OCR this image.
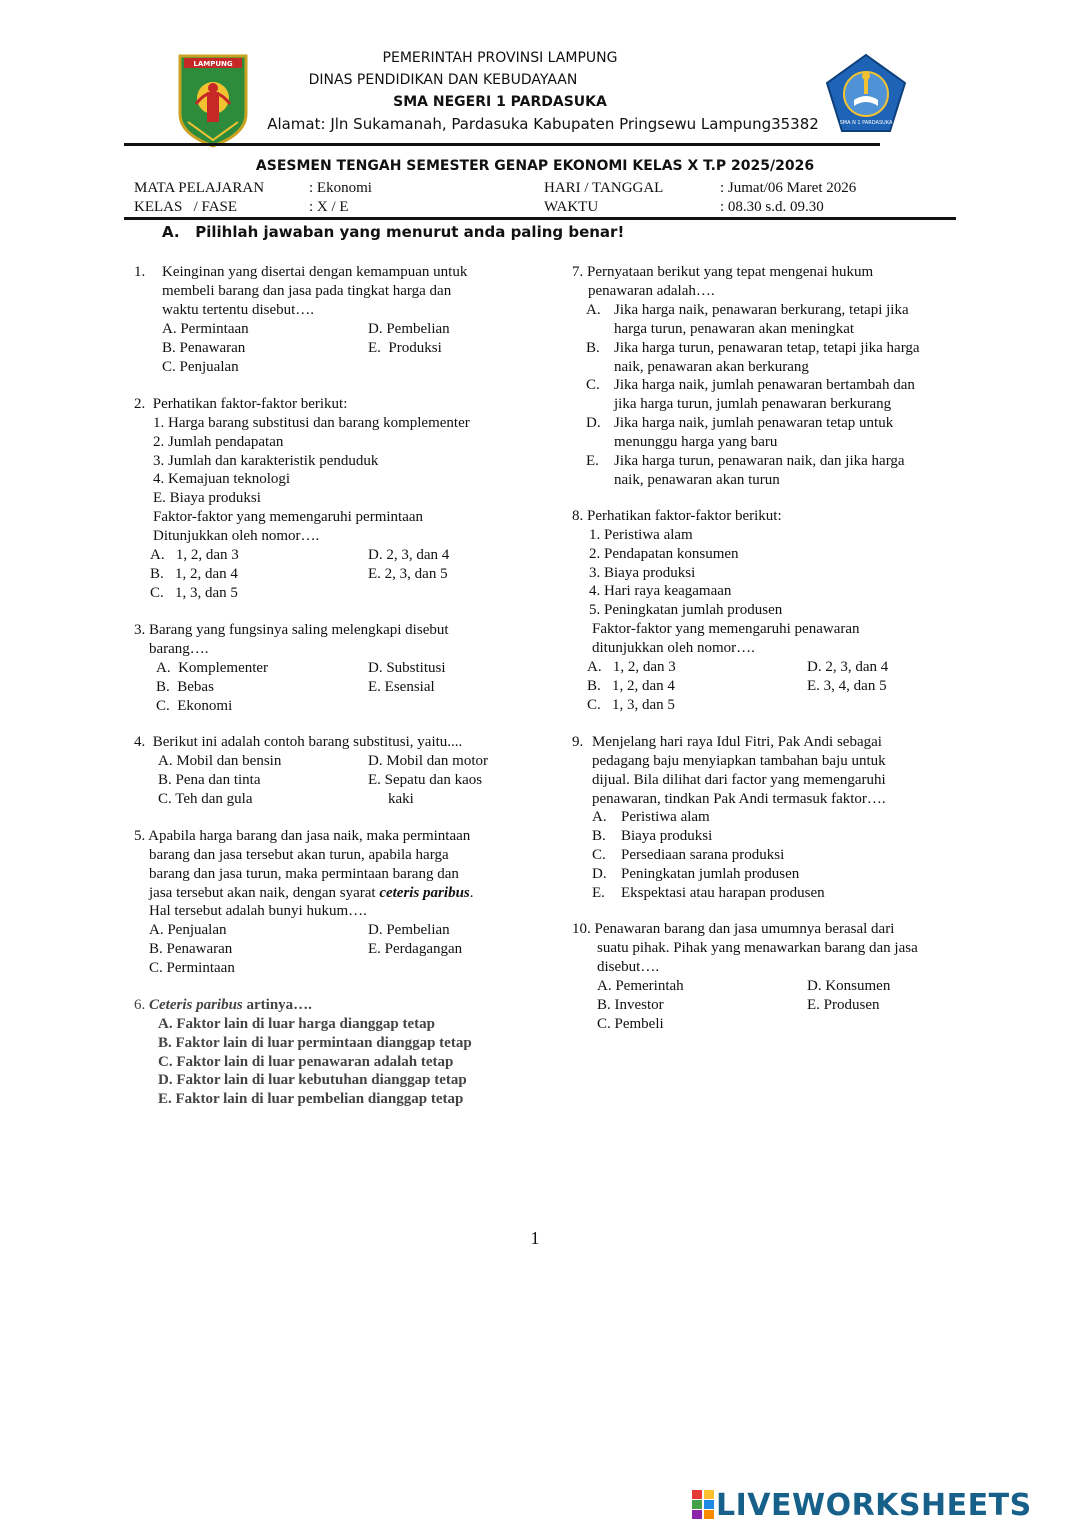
PEMERINTAH PROVINSI LAMPUNG
DINAS PENDIDIKAN DAN KEBUDAYAAN
SMA NEGERI 1 PARDASUKA
Alamat: Jln Sukamanah, Pardasuka Kabupaten Pringsewu Lampung35382
LAMPUNG
SMA N 1 PARDASUKA
ASESMEN TENGAH SEMESTER GENAP EKONOMI KELAS X T.P 2025/2026
MATA PELAJARAN	: Ekonomi	HARI / TANGGAL	: Jumat/06 Maret 2026
KELAS   / FASE	: X / E	WAKTU	: 08.30 s.d. 09.30
A.   Pilihlah jawaban yang menurut anda paling benar!
1. Keinginan yang disertai dengan kemampuan untuk
membeli barang dan jasa pada tingkat harga dan
waktu tertentu disebut….
A. Permintaan	D. Pembelian
B. Penawaran	E.  Produksi
C. Penjualan
2.  Perhatikan faktor-faktor berikut:
1. Harga barang substitusi dan barang komplementer
2. Jumlah pendapatan
3. Jumlah dan karakteristik penduduk
4. Kemajuan teknologi
E. Biaya produksi
Faktor-faktor yang memengaruhi permintaan
Ditunjukkan oleh nomor….
A.   1, 2, dan 3	D. 2, 3, dan 4
B.   1, 2, dan 4	E. 2, 3, dan 5
C.   1, 3, dan 5
3. Barang yang fungsinya saling melengkapi disebut
barang….
A.  Komplementer	D. Substitusi
B.  Bebas	E. Esensial
C.  Ekonomi
4.  Berikut ini adalah contoh barang substitusi, yaitu....
A. Mobil dan bensin	D. Mobil dan motor
B. Pena dan tinta	E. Sepatu dan kaos
C. Teh dan gula	kaki
5. Apabila harga barang dan jasa naik, maka permintaan
barang dan jasa tersebut akan turun, apabila harga
barang dan jasa turun, maka permintaan barang dan
jasa tersebut akan naik, dengan syarat ceteris paribus.
Hal tersebut adalah bunyi hukum….
A. Penjualan	D. Pembelian
B. Penawaran	E. Perdagangan
C. Permintaan
6. Ceteris paribus artinya….
A. Faktor lain di luar harga dianggap tetap
B. Faktor lain di luar permintaan dianggap tetap
C. Faktor lain di luar penawaran adalah tetap
D. Faktor lain di luar kebutuhan dianggap tetap
E. Faktor lain di luar pembelian dianggap tetap
7. Pernyataan berikut yang tepat mengenai hukum
penawaran adalah….
A. Jika harga naik, penawaran berkurang, tetapi jika
harga turun, penawaran akan meningkat
B. Jika harga turun, penawaran tetap, tetapi jika harga
naik, penawaran akan berkurang
C. Jika harga naik, jumlah penawaran bertambah dan
jika harga turun, jumlah penawaran berkurang
D. Jika harga naik, jumlah penawaran tetap untuk
menunggu harga yang baru
E. Jika harga turun, penawaran naik, dan jika harga
naik, penawaran akan turun
8. Perhatikan faktor-faktor berikut:
1. Peristiwa alam
2. Pendapatan konsumen
3. Biaya produksi
4. Hari raya keagamaan
5. Peningkatan jumlah produsen
Faktor-faktor yang memengaruhi penawaran
ditunjukkan oleh nomor….
A.   1, 2, dan 3	D. 2, 3, dan 4
B.   1, 2, dan 4	E. 3, 4, dan 5
C.   1, 3, dan 5
9. Menjelang hari raya Idul Fitri, Pak Andi sebagai
pedagang baju menyiapkan tambahan baju untuk
dijual. Bila dilihat dari factor yang memengaruhi
penawaran, tindkan Pak Andi termasuk faktor….
A. Peristiwa alam
B. Biaya produksi
C. Persediaan sarana produksi
D. Peningkatan jumlah produsen
E. Ekspektasi atau harapan produsen
10. Penawaran barang dan jasa umumnya berasal dari
suatu pihak. Pihak yang menawarkan barang dan jasa
disebut….
A. Pemerintah	D. Konsumen
B. Investor	E. Produsen
C. Pembeli
1
LIVEWORKSHEETS
